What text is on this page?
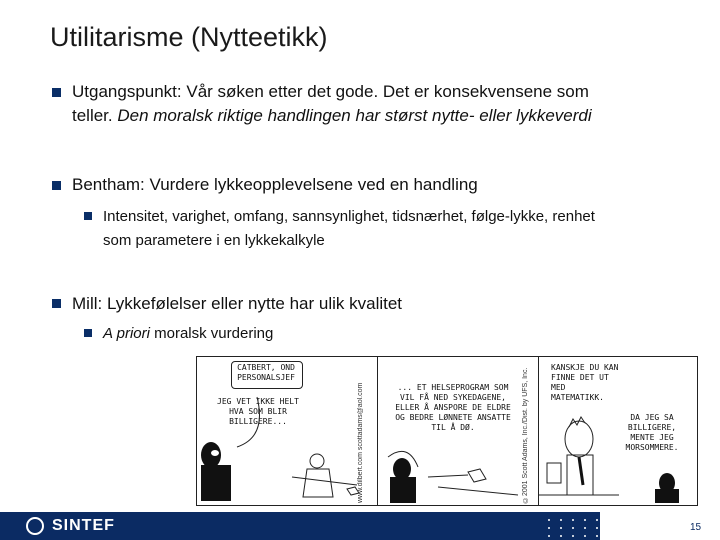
Utilitarisme (Nytteetikk)
Utgangspunkt: Vår søken etter det gode. Det er konsekvensene som
teller. Den moralsk riktige handlingen har størst nytte- eller lykkeverdi
Bentham: Vurdere lykkeopplevelsene ved en handling
Intensitet, varighet, omfang, sannsynlighet, tidsnærhet, følge-lykke, renhet
som parametere i en lykkekalkyle
Mill: Lykkefølelser eller nytte har ulik kvalitet
A priori moralsk vurdering
CATBERT, OND PERSONALSJEF
JEG VET IKKE HELT HVA SOM BLIR BILLIGERE...	www.dilbert.com scottadams@aol.com	... ET HELSEPROGRAM SOM VIL FÅ NED SYKEDAGENE, ELLER Å ANSPORE DE ELDRE OG BEDRE LØNNETE ANSATTE TIL Å DØ.	©2001 Scott Adams, Inc./Dist. by UFS, Inc.
KANSKJE DU KAN FINNE DET UT MED MATEMATIKK.
DA JEG SA BILLIGERE, MENTE JEG MORSOMMERE.
SINTEF	15
